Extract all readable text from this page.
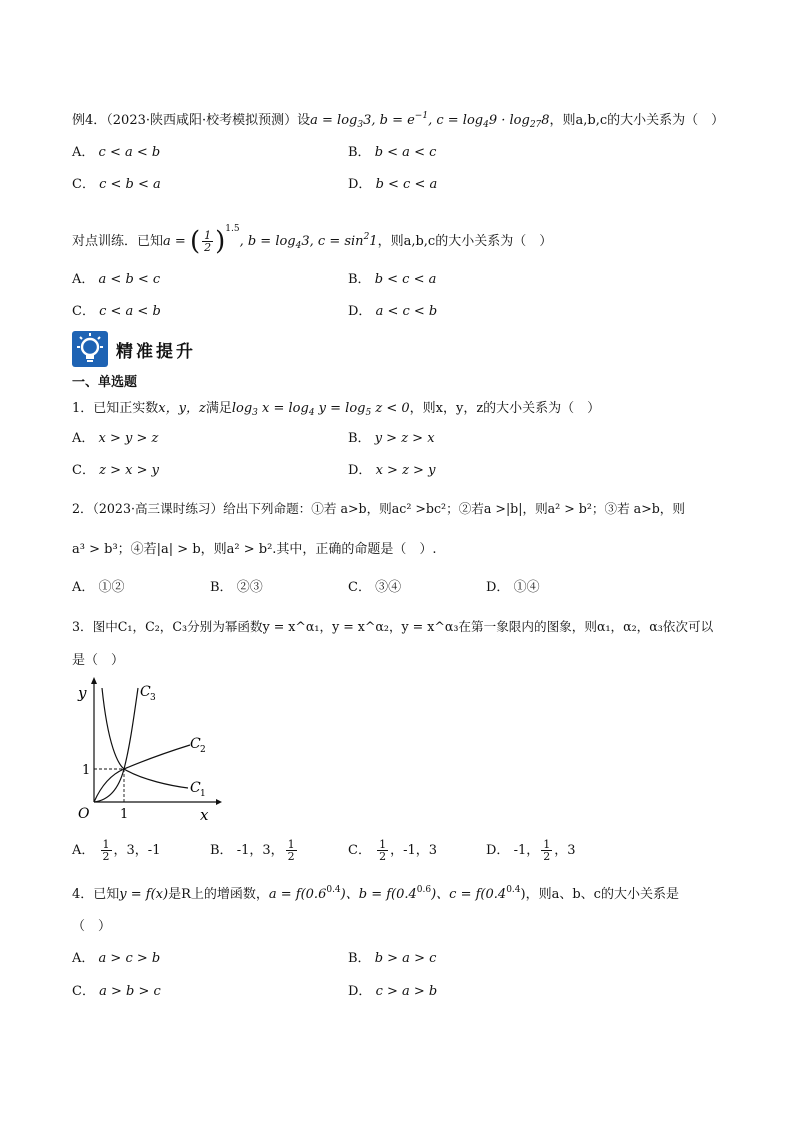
例4．（2023·陕西咸阳·校考模拟预测）设$a = \log_33$, $b = e^{-1}$, $c = \log_49 \cdot \log_{27}8$，则a,b,c的大小关系为（　）
A． c < a < b	B． b < a < c
C． c < b < a	D． b < c < a
对点训练．已知a = ( $\frac{1}{2} )^{1.5}$, $b = \log_43$, $c = \sin^21$，则a,b,c的大小关系为（　）
A． a < b < c	B． b < c < a
C． c < a < b	D． a < c < b
精准提升
一、单选题
1．已知正实数x，y，z满足$\log_3 x = \log_4 y = \log_5 z < 0$，则x，y，z的大小关系为（　）
A． x > y > z	B． y > z > x
C． z > x > y	D． x > z > y
2．（2023·高三课时练习）给出下列命题：①若 a>b，则ac² >bc²；②若a >|b|，则a² > b²；③若 a>b，则
a³ > b³；④若|a| > b，则a² > b².其中，正确的命题是（　）.
A． ①②	B． ②③	C． ③④	D． ①④
3．图中C₁，C₂，C₃分别为幂函数y = x^α₁，y = x^α₂，y = x^α₃在第一象限内的图象，则α₁，α₂，α₃依次可以
是（　）
y
x
O
1
1
C 3
C 2
C 1
A． $\frac{1}{2}$ ，3，-1	B． -1，3， $\frac{1}{2}$	C． $\frac{1}{2}$ ，-1，3	D． -1， $\frac{1}{2}$ ，3
4．已知y = f(x)是R上的增函数，$a = f(0.6^{0.4})$、$b = f(0.4^{0.6})$、$c = f(0.4^{0.4})$，则a、b、c的大小关系是
（　）
A． a > c > b	B． b > a > c
C． a > b > c	D． c > a > b
